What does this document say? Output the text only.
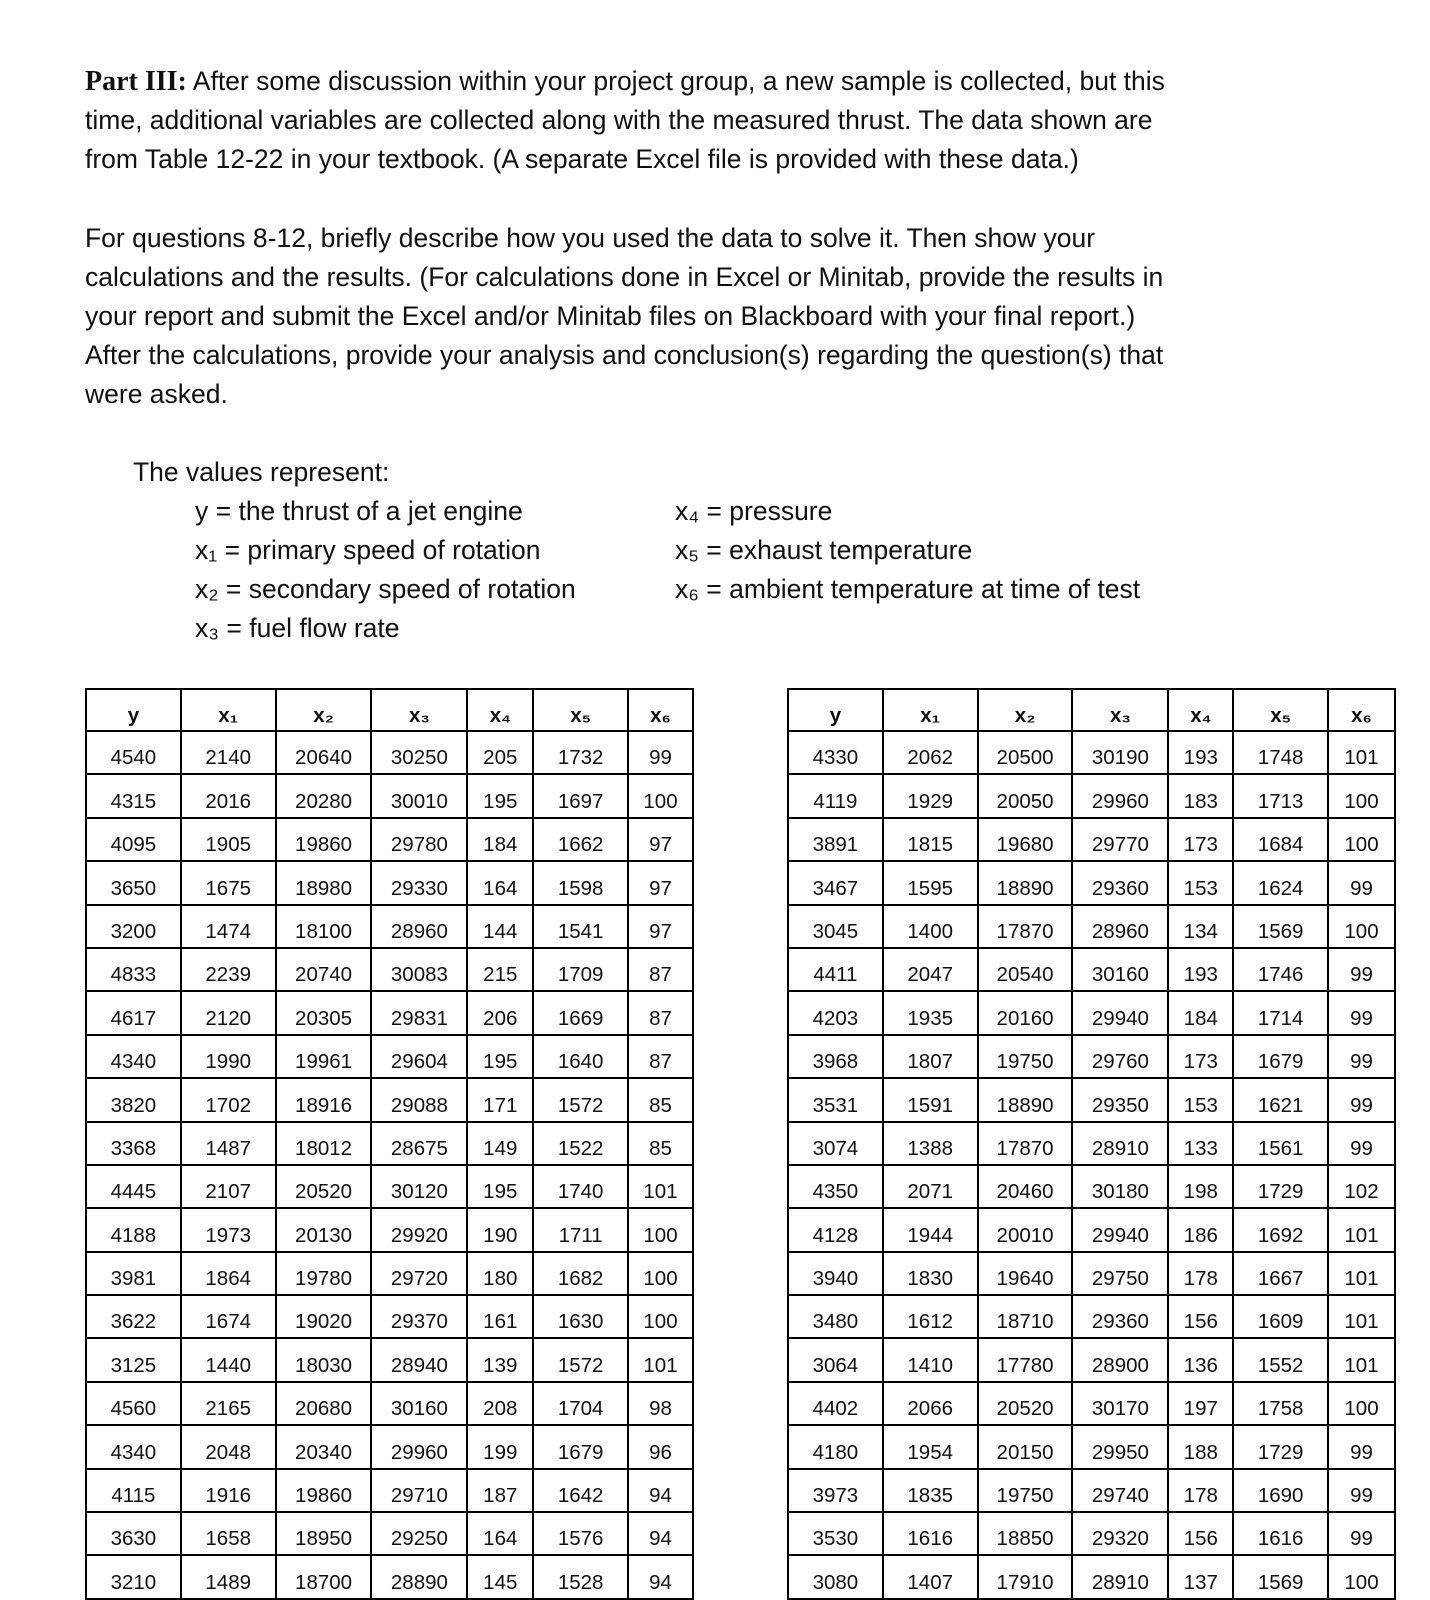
Part III: After some discussion within your project group, a new sample is collected, but this
time, additional variables are collected along with the measured thrust. The data shown are
from Table 12-22 in your textbook. (A separate Excel file is provided with these data.)
For questions 8-12, briefly describe how you used the data to solve it. Then show your
calculations and the results. (For calculations done in Excel or Minitab, provide the results in
your report and submit the Excel and/or Minitab files on Blackboard with your final report.)
After the calculations, provide your analysis and conclusion(s) regarding the question(s) that
were asked.
The values represent:
y = the thrust of a jet engine
x₁ = primary speed of rotation
x₂ = secondary speed of rotation
x₃ = fuel flow rate
x₄ = pressure
x₅ = exhaust temperature
x₆ = ambient temperature at time of test
y	x₁	x₂	x₃	x₄	x₅	x₆
4540	2140	20640	30250	205	1732	99
4315	2016	20280	30010	195	1697	100
4095	1905	19860	29780	184	1662	97
3650	1675	18980	29330	164	1598	97
3200	1474	18100	28960	144	1541	97
4833	2239	20740	30083	215	1709	87
4617	2120	20305	29831	206	1669	87
4340	1990	19961	29604	195	1640	87
3820	1702	18916	29088	171	1572	85
3368	1487	18012	28675	149	1522	85
4445	2107	20520	30120	195	1740	101
4188	1973	20130	29920	190	1711	100
3981	1864	19780	29720	180	1682	100
3622	1674	19020	29370	161	1630	100
3125	1440	18030	28940	139	1572	101
4560	2165	20680	30160	208	1704	98
4340	2048	20340	29960	199	1679	96
4115	1916	19860	29710	187	1642	94
3630	1658	18950	29250	164	1576	94
3210	1489	18700	28890	145	1528	94
y	x₁	x₂	x₃	x₄	x₅	x₆
4330	2062	20500	30190	193	1748	101
4119	1929	20050	29960	183	1713	100
3891	1815	19680	29770	173	1684	100
3467	1595	18890	29360	153	1624	99
3045	1400	17870	28960	134	1569	100
4411	2047	20540	30160	193	1746	99
4203	1935	20160	29940	184	1714	99
3968	1807	19750	29760	173	1679	99
3531	1591	18890	29350	153	1621	99
3074	1388	17870	28910	133	1561	99
4350	2071	20460	30180	198	1729	102
4128	1944	20010	29940	186	1692	101
3940	1830	19640	29750	178	1667	101
3480	1612	18710	29360	156	1609	101
3064	1410	17780	28900	136	1552	101
4402	2066	20520	30170	197	1758	100
4180	1954	20150	29950	188	1729	99
3973	1835	19750	29740	178	1690	99
3530	1616	18850	29320	156	1616	99
3080	1407	17910	28910	137	1569	100
